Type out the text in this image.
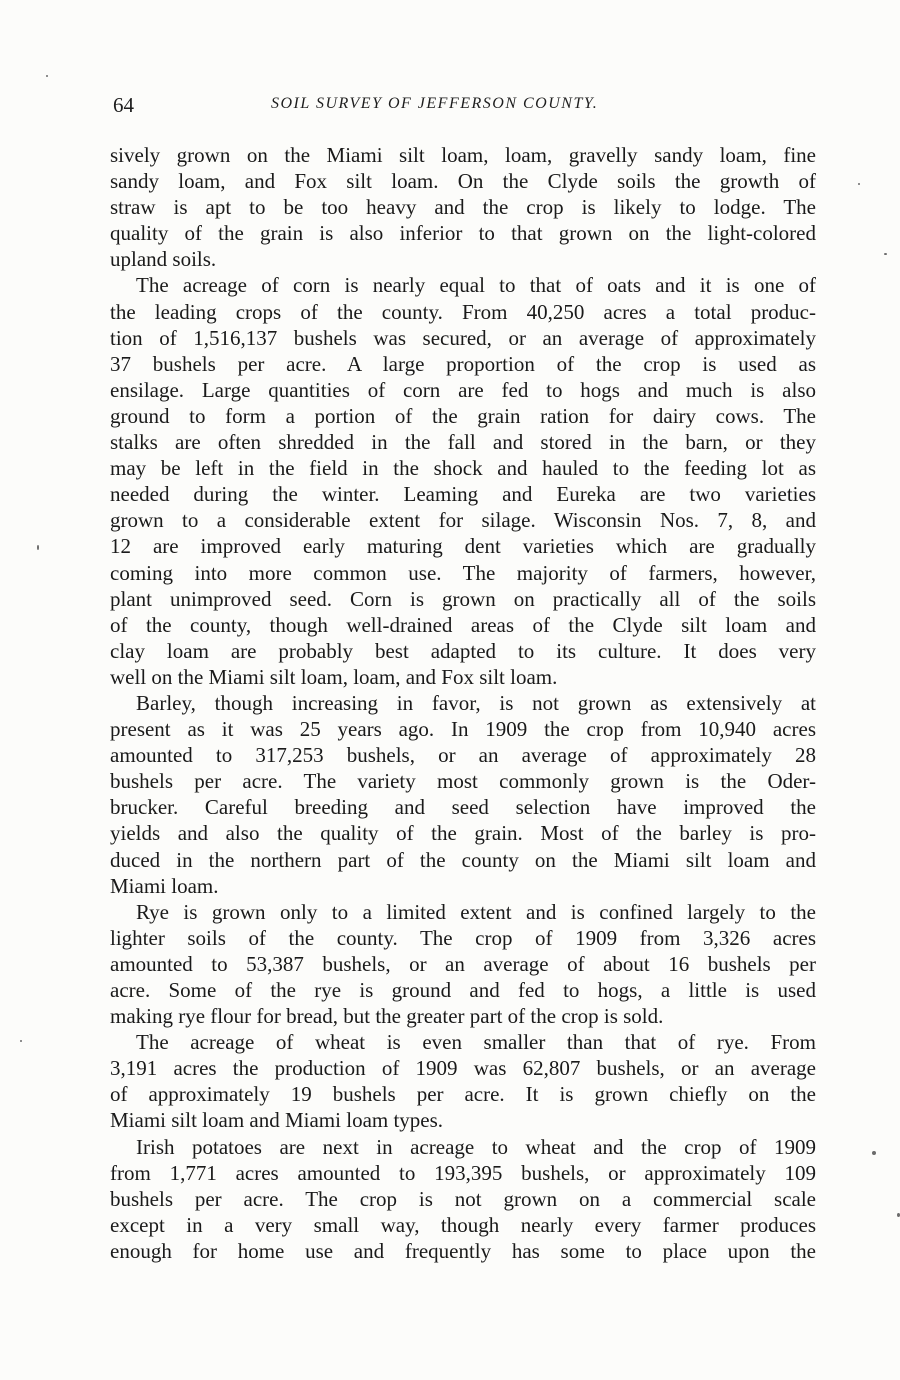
64	SOIL SURVEY OF JEFFERSON COUNTY.
sively grown on the Miami silt loam, loam, gravelly sandy loam, fine
sandy loam, and Fox silt loam. On the Clyde soils the growth of
straw is apt to be too heavy and the crop is likely to lodge. The
quality of the grain is also inferior to that grown on the light-colored
upland soils.
The acreage of corn is nearly equal to that of oats and it is one of
the leading crops of the county. From 40,250 acres a total produc-
tion of 1,516,137 bushels was secured, or an average of approximately
37 bushels per acre. A large proportion of the crop is used as
ensilage. Large quantities of corn are fed to hogs and much is also
ground to form a portion of the grain ration for dairy cows. The
stalks are often shredded in the fall and stored in the barn, or they
may be left in the field in the shock and hauled to the feeding lot as
needed during the winter. Leaming and Eureka are two varieties
grown to a considerable extent for silage. Wisconsin Nos. 7, 8, and
12 are improved early maturing dent varieties which are gradually
coming into more common use. The majority of farmers, however,
plant unimproved seed. Corn is grown on practically all of the soils
of the county, though well-drained areas of the Clyde silt loam and
clay loam are probably best adapted to its culture. It does very
well on the Miami silt loam, loam, and Fox silt loam.
Barley, though increasing in favor, is not grown as extensively at
present as it was 25 years ago. In 1909 the crop from 10,940 acres
amounted to 317,253 bushels, or an average of approximately 28
bushels per acre. The variety most commonly grown is the Oder-
brucker. Careful breeding and seed selection have improved the
yields and also the quality of the grain. Most of the barley is pro-
duced in the northern part of the county on the Miami silt loam and
Miami loam.
Rye is grown only to a limited extent and is confined largely to the
lighter soils of the county. The crop of 1909 from 3,326 acres
amounted to 53,387 bushels, or an average of about 16 bushels per
acre. Some of the rye is ground and fed to hogs, a little is used
making rye flour for bread, but the greater part of the crop is sold.
The acreage of wheat is even smaller than that of rye. From
3,191 acres the production of 1909 was 62,807 bushels, or an average
of approximately 19 bushels per acre. It is grown chiefly on the
Miami silt loam and Miami loam types.
Irish potatoes are next in acreage to wheat and the crop of 1909
from 1,771 acres amounted to 193,395 bushels, or approximately 109
bushels per acre. The crop is not grown on a commercial scale
except in a very small way, though nearly every farmer produces
enough for home use and frequently has some to place upon the
